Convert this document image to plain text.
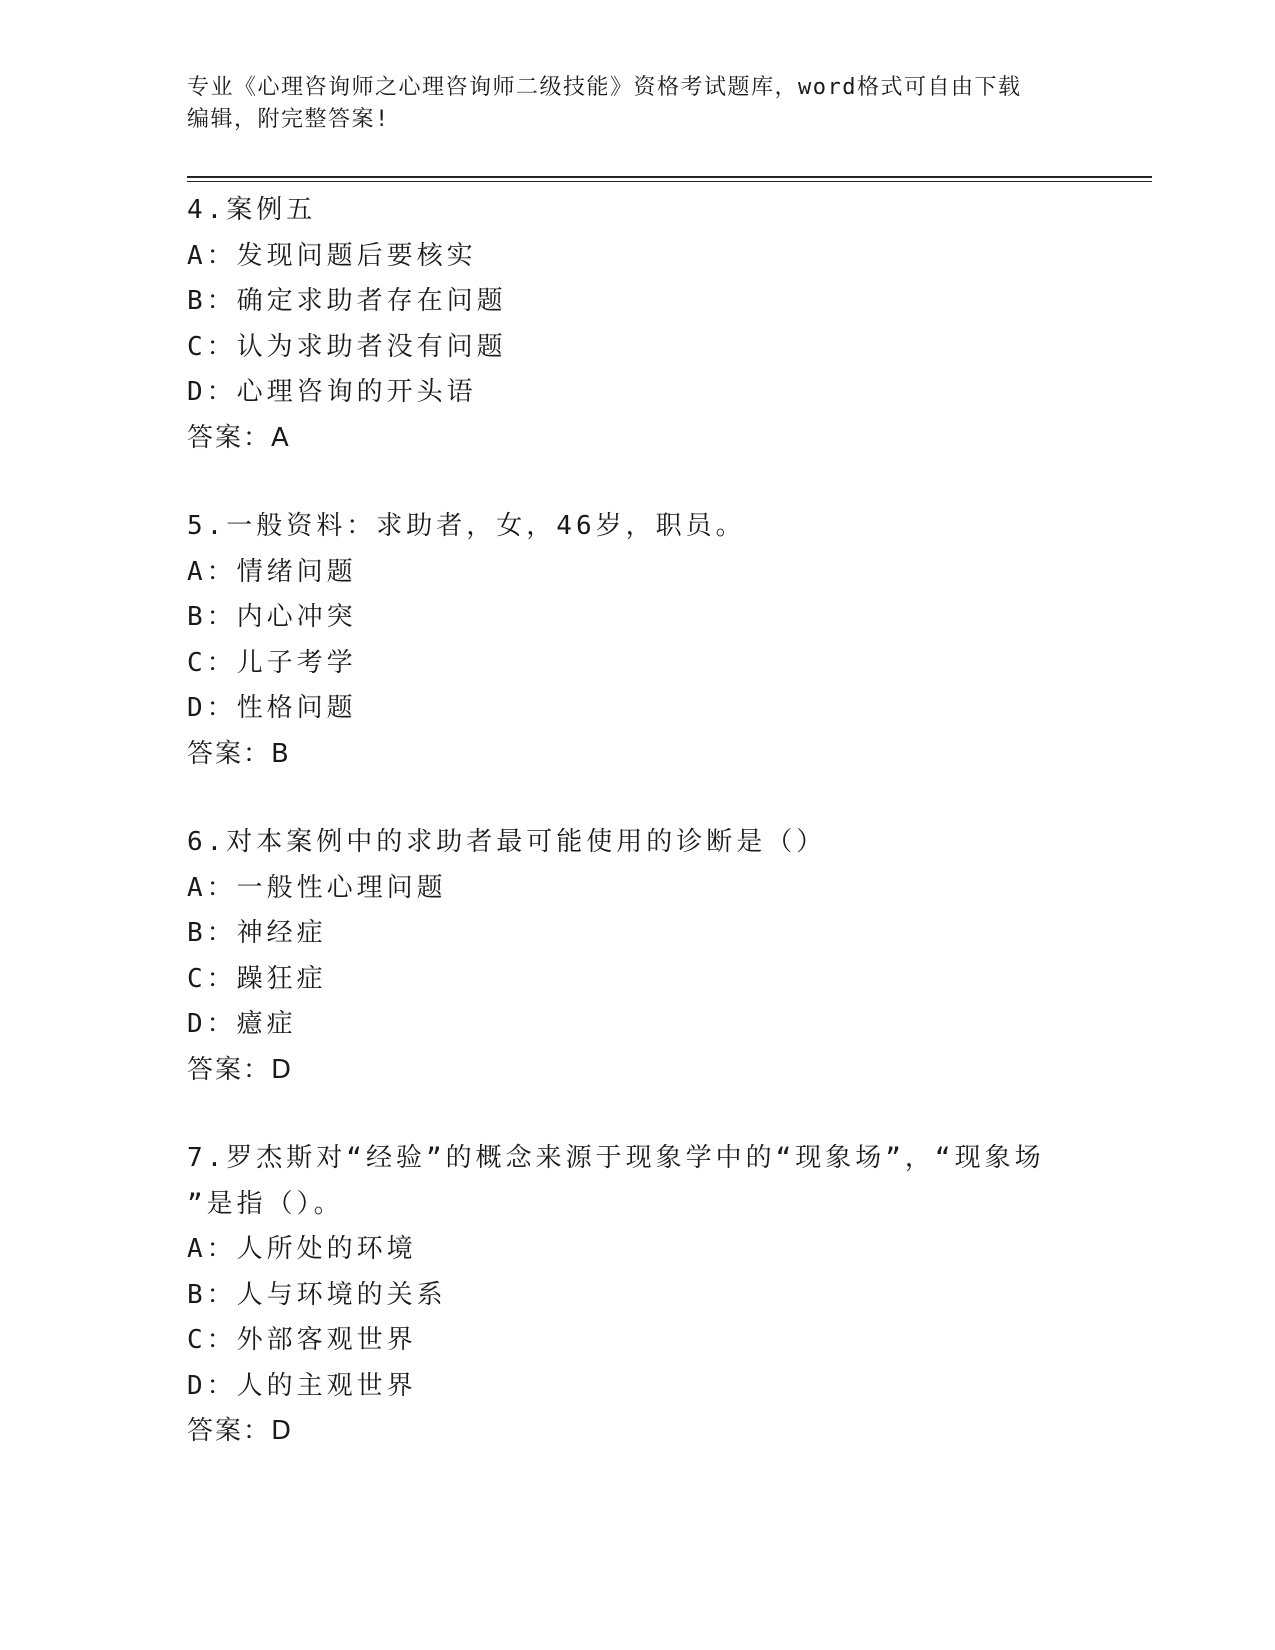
专业《心理咨询师之心理咨询师二级技能》资格考试题库，word格式可自由下载
编辑，附完整答案!
4.案例五
A：发现问题后要核实
B：确定求助者存在问题
C：认为求助者没有问题
D：心理咨询的开头语
答案：A
5.一般资料：求助者，女，46岁，职员。
A：情绪问题
B：内心冲突
C：儿子考学
D：性格问题
答案：B
6.对本案例中的求助者最可能使用的诊断是（）
A：一般性心理问题
B：神经症
C：躁狂症
D：癔症
答案：D
7.罗杰斯对“经验”的概念来源于现象学中的“现象场”，“现象场
”是指（）。
A：人所处的环境
B：人与环境的关系
C：外部客观世界
D：人的主观世界
答案：D
